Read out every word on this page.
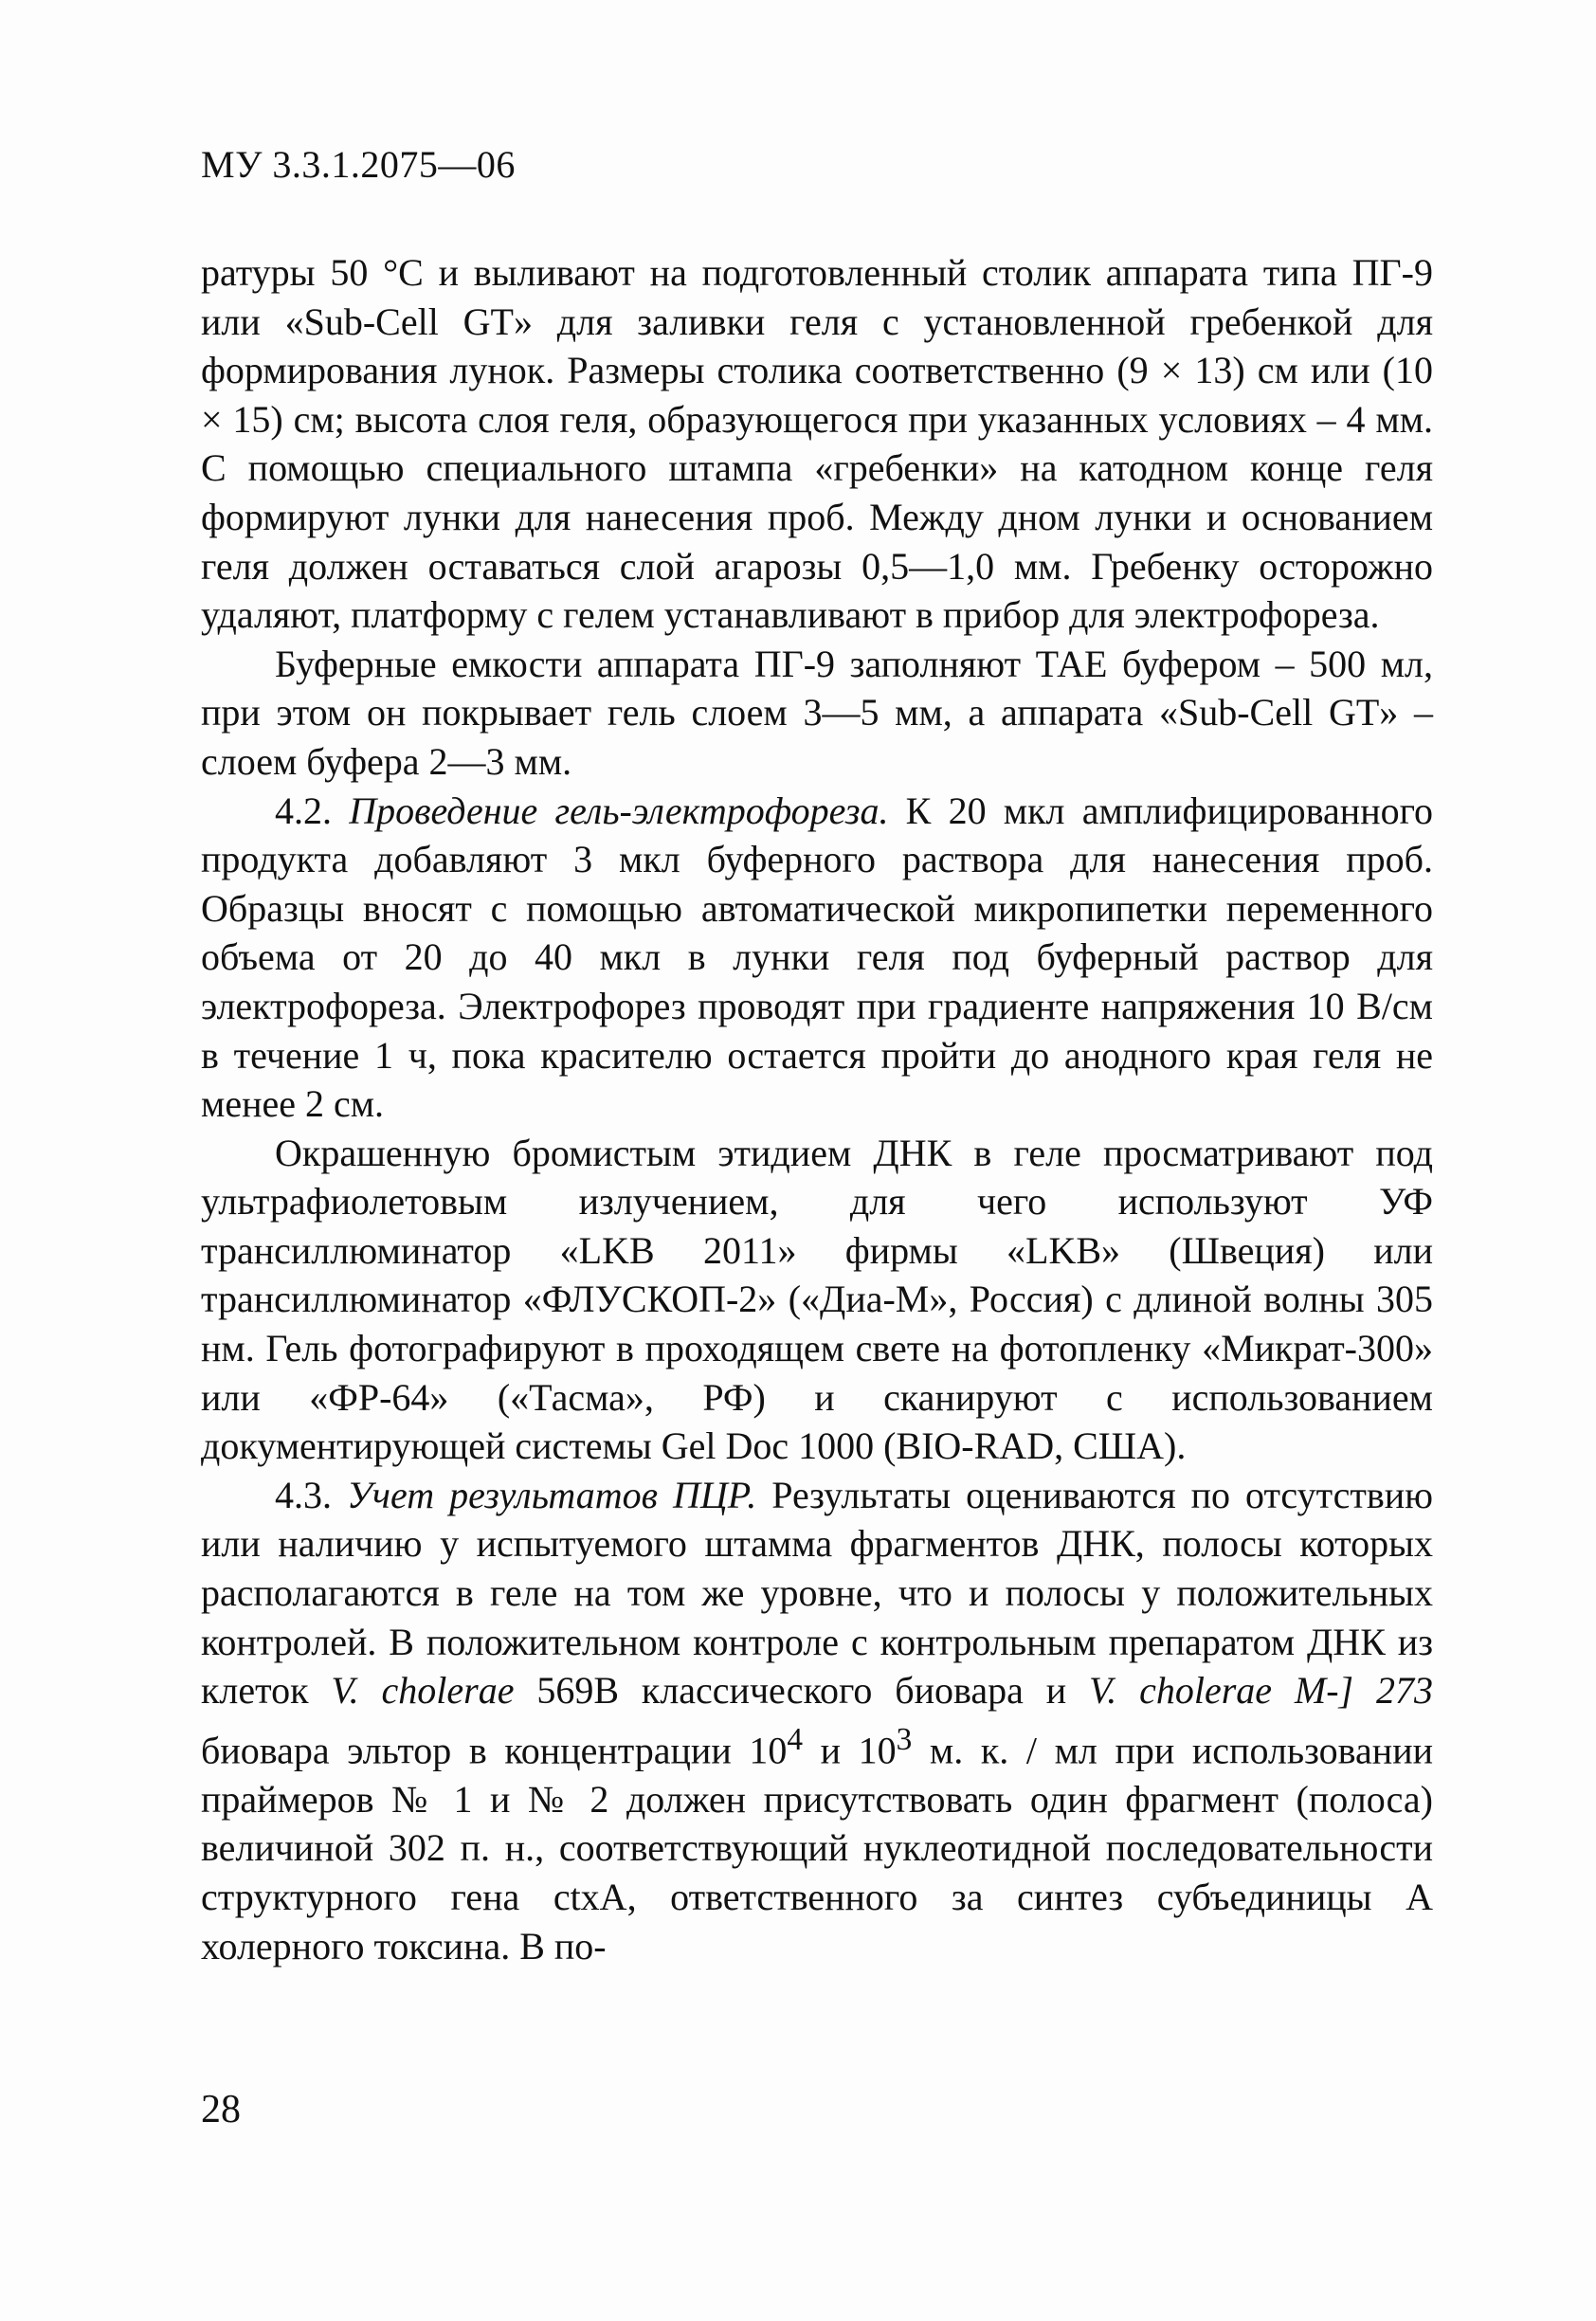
МУ 3.3.1.2075—06

ратуры 50 °С и выливают на подготовленный столик аппарата типа ПГ-9 или «Sub-Cell GT» для заливки геля с установленной гребенкой для формирования лунок. Размеры столика соответственно (9 × 13) см или (10 × 15) см; высота слоя геля, образующегося при указанных условиях – 4 мм. С помощью специального штампа «гребенки» на катодном конце геля формируют лунки для нанесения проб. Между дном лунки и основанием геля должен оставаться слой агарозы 0,5—1,0 мм. Гребенку осторожно удаляют, платформу с гелем устанавливают в прибор для электрофореза.

Буферные емкости аппарата ПГ-9 заполняют ТАЕ буфером – 500 мл, при этом он покрывает гель слоем 3—5 мм, а аппарата «Sub-Cell GT» – слоем буфера 2—3 мм.

4.2. Проведение гель-электрофореза. К 20 мкл амплифицированного продукта добавляют 3 мкл буферного раствора для нанесения проб. Образцы вносят с помощью автоматической микропипетки переменного объема от 20 до 40 мкл в лунки геля под буферный раствор для электрофореза. Электрофорез проводят при градиенте напряжения 10 В/см в течение 1 ч, пока красителю остается пройти до анодного края геля не менее 2 см.

Окрашенную бромистым этидием ДНК в геле просматривают под ультрафиолетовым излучением, для чего используют УФ трансиллюминатор «LKB 2011» фирмы «LKB» (Швеция) или трансиллюминатор «ФЛУСКОП-2» («Диа-М», Россия) с длиной волны 305 нм. Гель фотографируют в проходящем свете на фотопленку «Микрат-300» или «ФР-64» («Тасма», РФ) и сканируют с использованием документирующей системы Gel Doc 1000 (BIO-RAD, США).

4.3. Учет результатов ПЦР. Результаты оцениваются по отсутствию или наличию у испытуемого штамма фрагментов ДНК, полосы которых располагаются в геле на том же уровне, что и полосы у положительных контролей. В положительном контроле с контрольным препаратом ДНК из клеток V. cholerae 569В классического биовара и V. cholerae M-] 273 биовара эльтор в концентрации $10^4$ и $10^3$ м. к. / мл при использовании праймеров № 1 и № 2 должен присутствовать один фрагмент (полоса) величиной 302 п. н., соответствующий нуклеотидной последовательности структурного гена ctxA, ответственного за синтез субъединицы А холерного токсина. В по-

28
